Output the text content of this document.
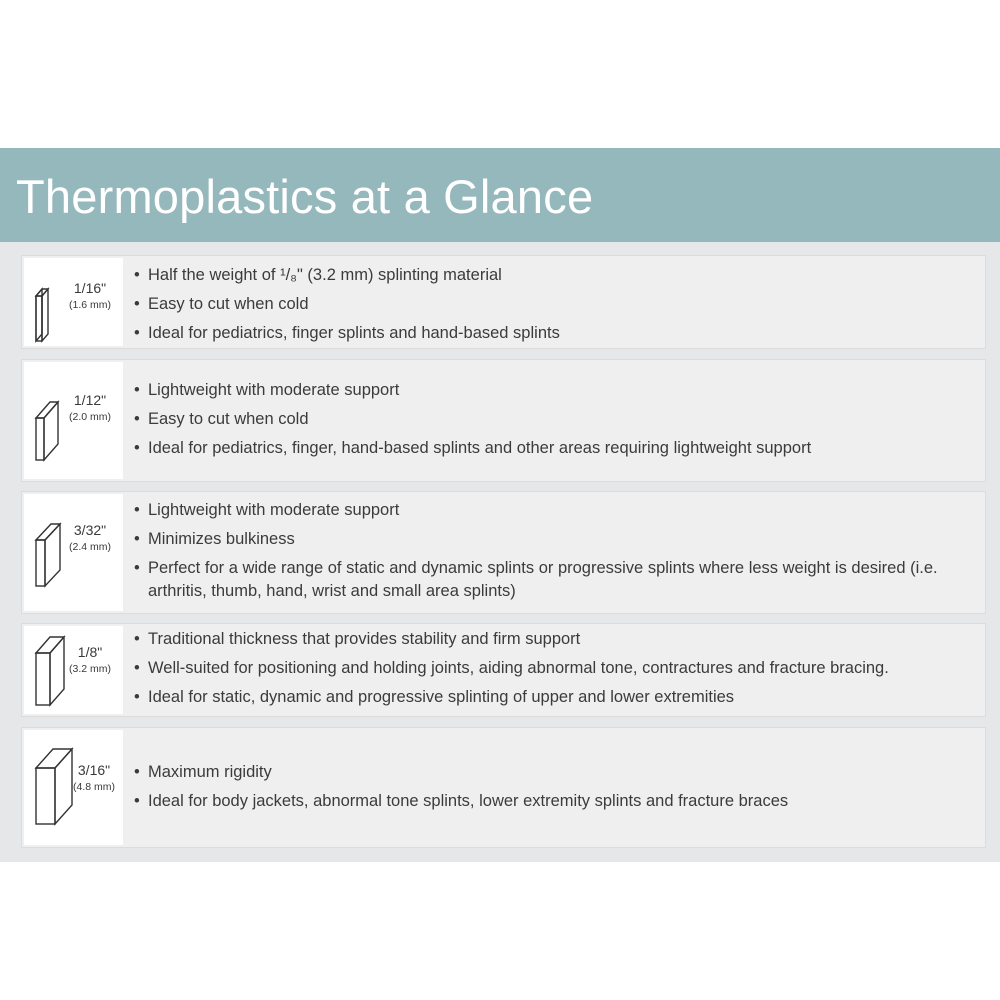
Thermoplastics at a Glance
1/16"
(1.6 mm)
• Half the weight of ¹/₈" (3.2 mm) splinting material
• Easy to cut when cold
• Ideal for pediatrics, finger splints and hand-based splints
1/12"
(2.0 mm)
• Lightweight with moderate support
• Easy to cut when cold
• Ideal for pediatrics, finger, hand-based splints and other areas requiring lightweight support
3/32"
(2.4 mm)
• Lightweight with moderate support
• Minimizes bulkiness
• Perfect for a wide range of static and dynamic splints or progressive splints where less weight is desired (i.e. arthritis, thumb, hand, wrist and small area splints)
1/8"
(3.2 mm)
• Traditional thickness that provides stability and firm support
• Well-suited for positioning and holding joints, aiding abnormal tone, contractures and fracture bracing.
• Ideal for static, dynamic and progressive splinting of upper and lower extremities
3/16"
(4.8 mm)
• Maximum rigidity
• Ideal for body jackets, abnormal tone splints, lower extremity splints and fracture braces
